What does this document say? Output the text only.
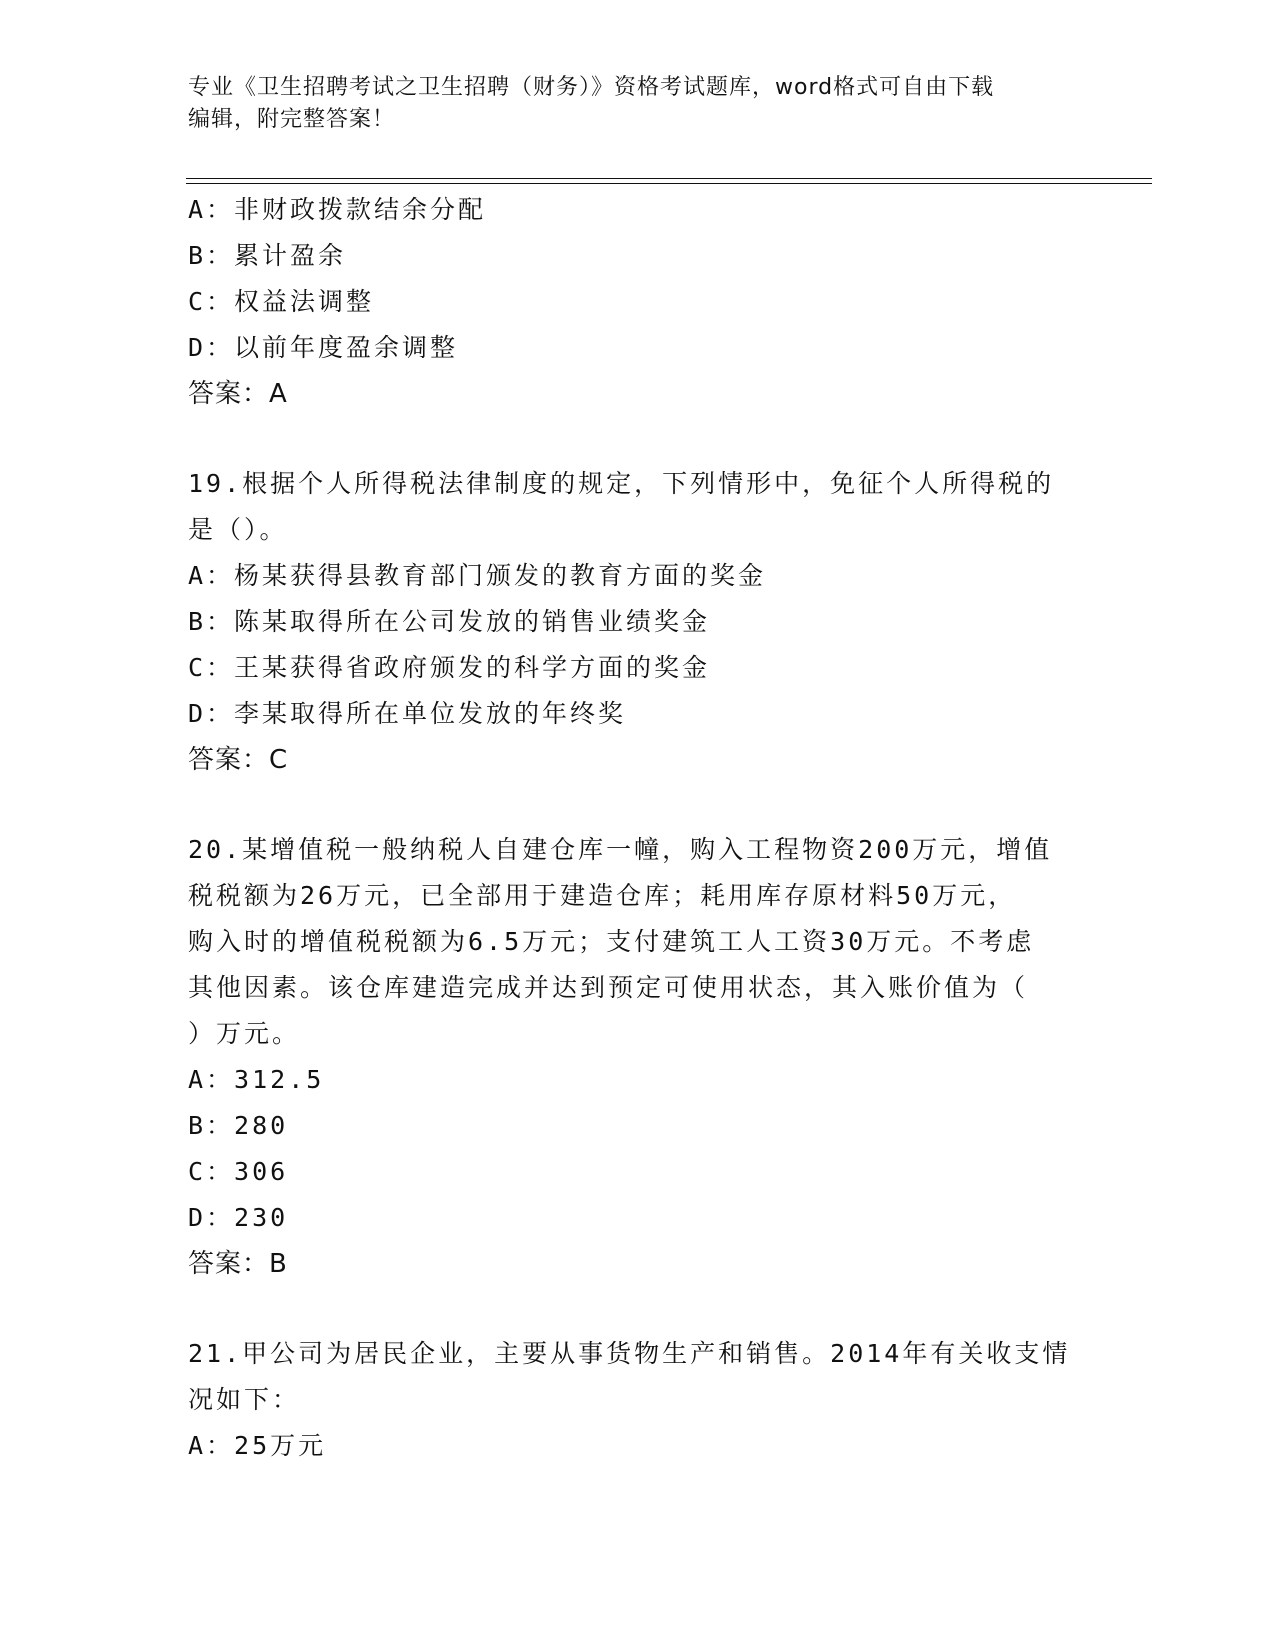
专业《卫生招聘考试之卫生招聘（财务）》资格考试题库，word格式可自由下载
编辑，附完整答案！
A：非财政拨款结余分配
B：累计盈余
C：权益法调整
D：以前年度盈余调整
答案：A
19.根据个人所得税法律制度的规定，下列情形中，免征个人所得税的
是（）。
A：杨某获得县教育部门颁发的教育方面的奖金
B：陈某取得所在公司发放的销售业绩奖金
C：王某获得省政府颁发的科学方面的奖金
D：李某取得所在单位发放的年终奖
答案：C
20.某增值税一般纳税人自建仓库一幢，购入工程物资200万元，增值
税税额为26万元，已全部用于建造仓库；耗用库存原材料50万元，
购入时的增值税税额为6.5万元；支付建筑工人工资30万元。不考虑
其他因素。该仓库建造完成并达到预定可使用状态，其入账价值为（
）万元。
A：312.5
B：280
C：306
D：230
答案：B
21.甲公司为居民企业，主要从事货物生产和销售。2014年有关收支情
况如下：
A：25万元
